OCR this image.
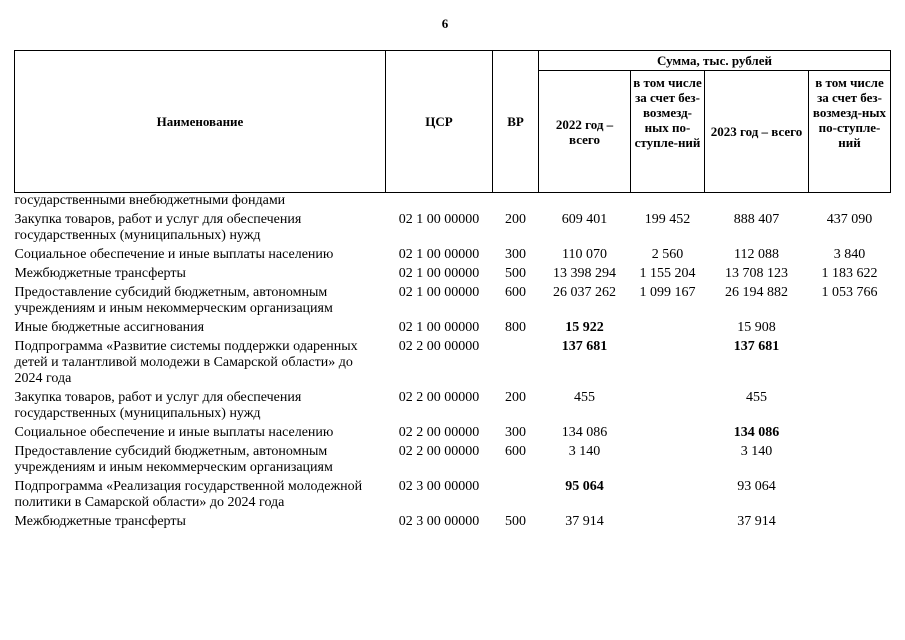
6
Наименование	ЦСР	ВР	Сумма, тыс. рублей			
			2022 год – всего	в том числе за счет без-возмезд-ных по-ступле-ний	2023 год – всего	в том числе за счет без-возмезд-ных по-ступле-ний
государственными внебюджетными фондами						
Закупка товаров, работ и услуг для обеспечения государственных (муниципальных) нужд	02 1 00 00000	200	609 401	199 452	888 407	437 090
Социальное обеспечение и иные выплаты населению	02 1 00 00000	300	110 070	2 560	112 088	3 840
Межбюджетные трансферты	02 1 00 00000	500	13 398 294	1 155 204	13 708 123	1 183 622
Предоставление субсидий бюджетным, автономным учреждениям и иным некоммерческим организациям	02 1 00 00000	600	26 037 262	1 099 167	26 194 882	1 053 766
Иные бюджетные ассигнования	02 1 00 00000	800	15 922		15 908	
Подпрограмма «Развитие системы поддержки одаренных детей и талантливой молодежи в Самарской области» до 2024 года	02 2 00 00000		137 681		137 681	
Закупка товаров, работ и услуг для обеспечения государственных (муниципальных) нужд	02 2 00 00000	200	455		455	
Социальное обеспечение и иные выплаты населению	02 2 00 00000	300	134 086		134 086	
Предоставление субсидий бюджетным, автономным учреждениям и иным некоммерческим организациям	02 2 00 00000	600	3 140		3 140	
Подпрограмма «Реализация государственной молодежной политики в Самарской области» до 2024 года	02 3 00 00000		95 064		93 064	
Межбюджетные трансферты	02 3 00 00000	500	37 914		37 914	
